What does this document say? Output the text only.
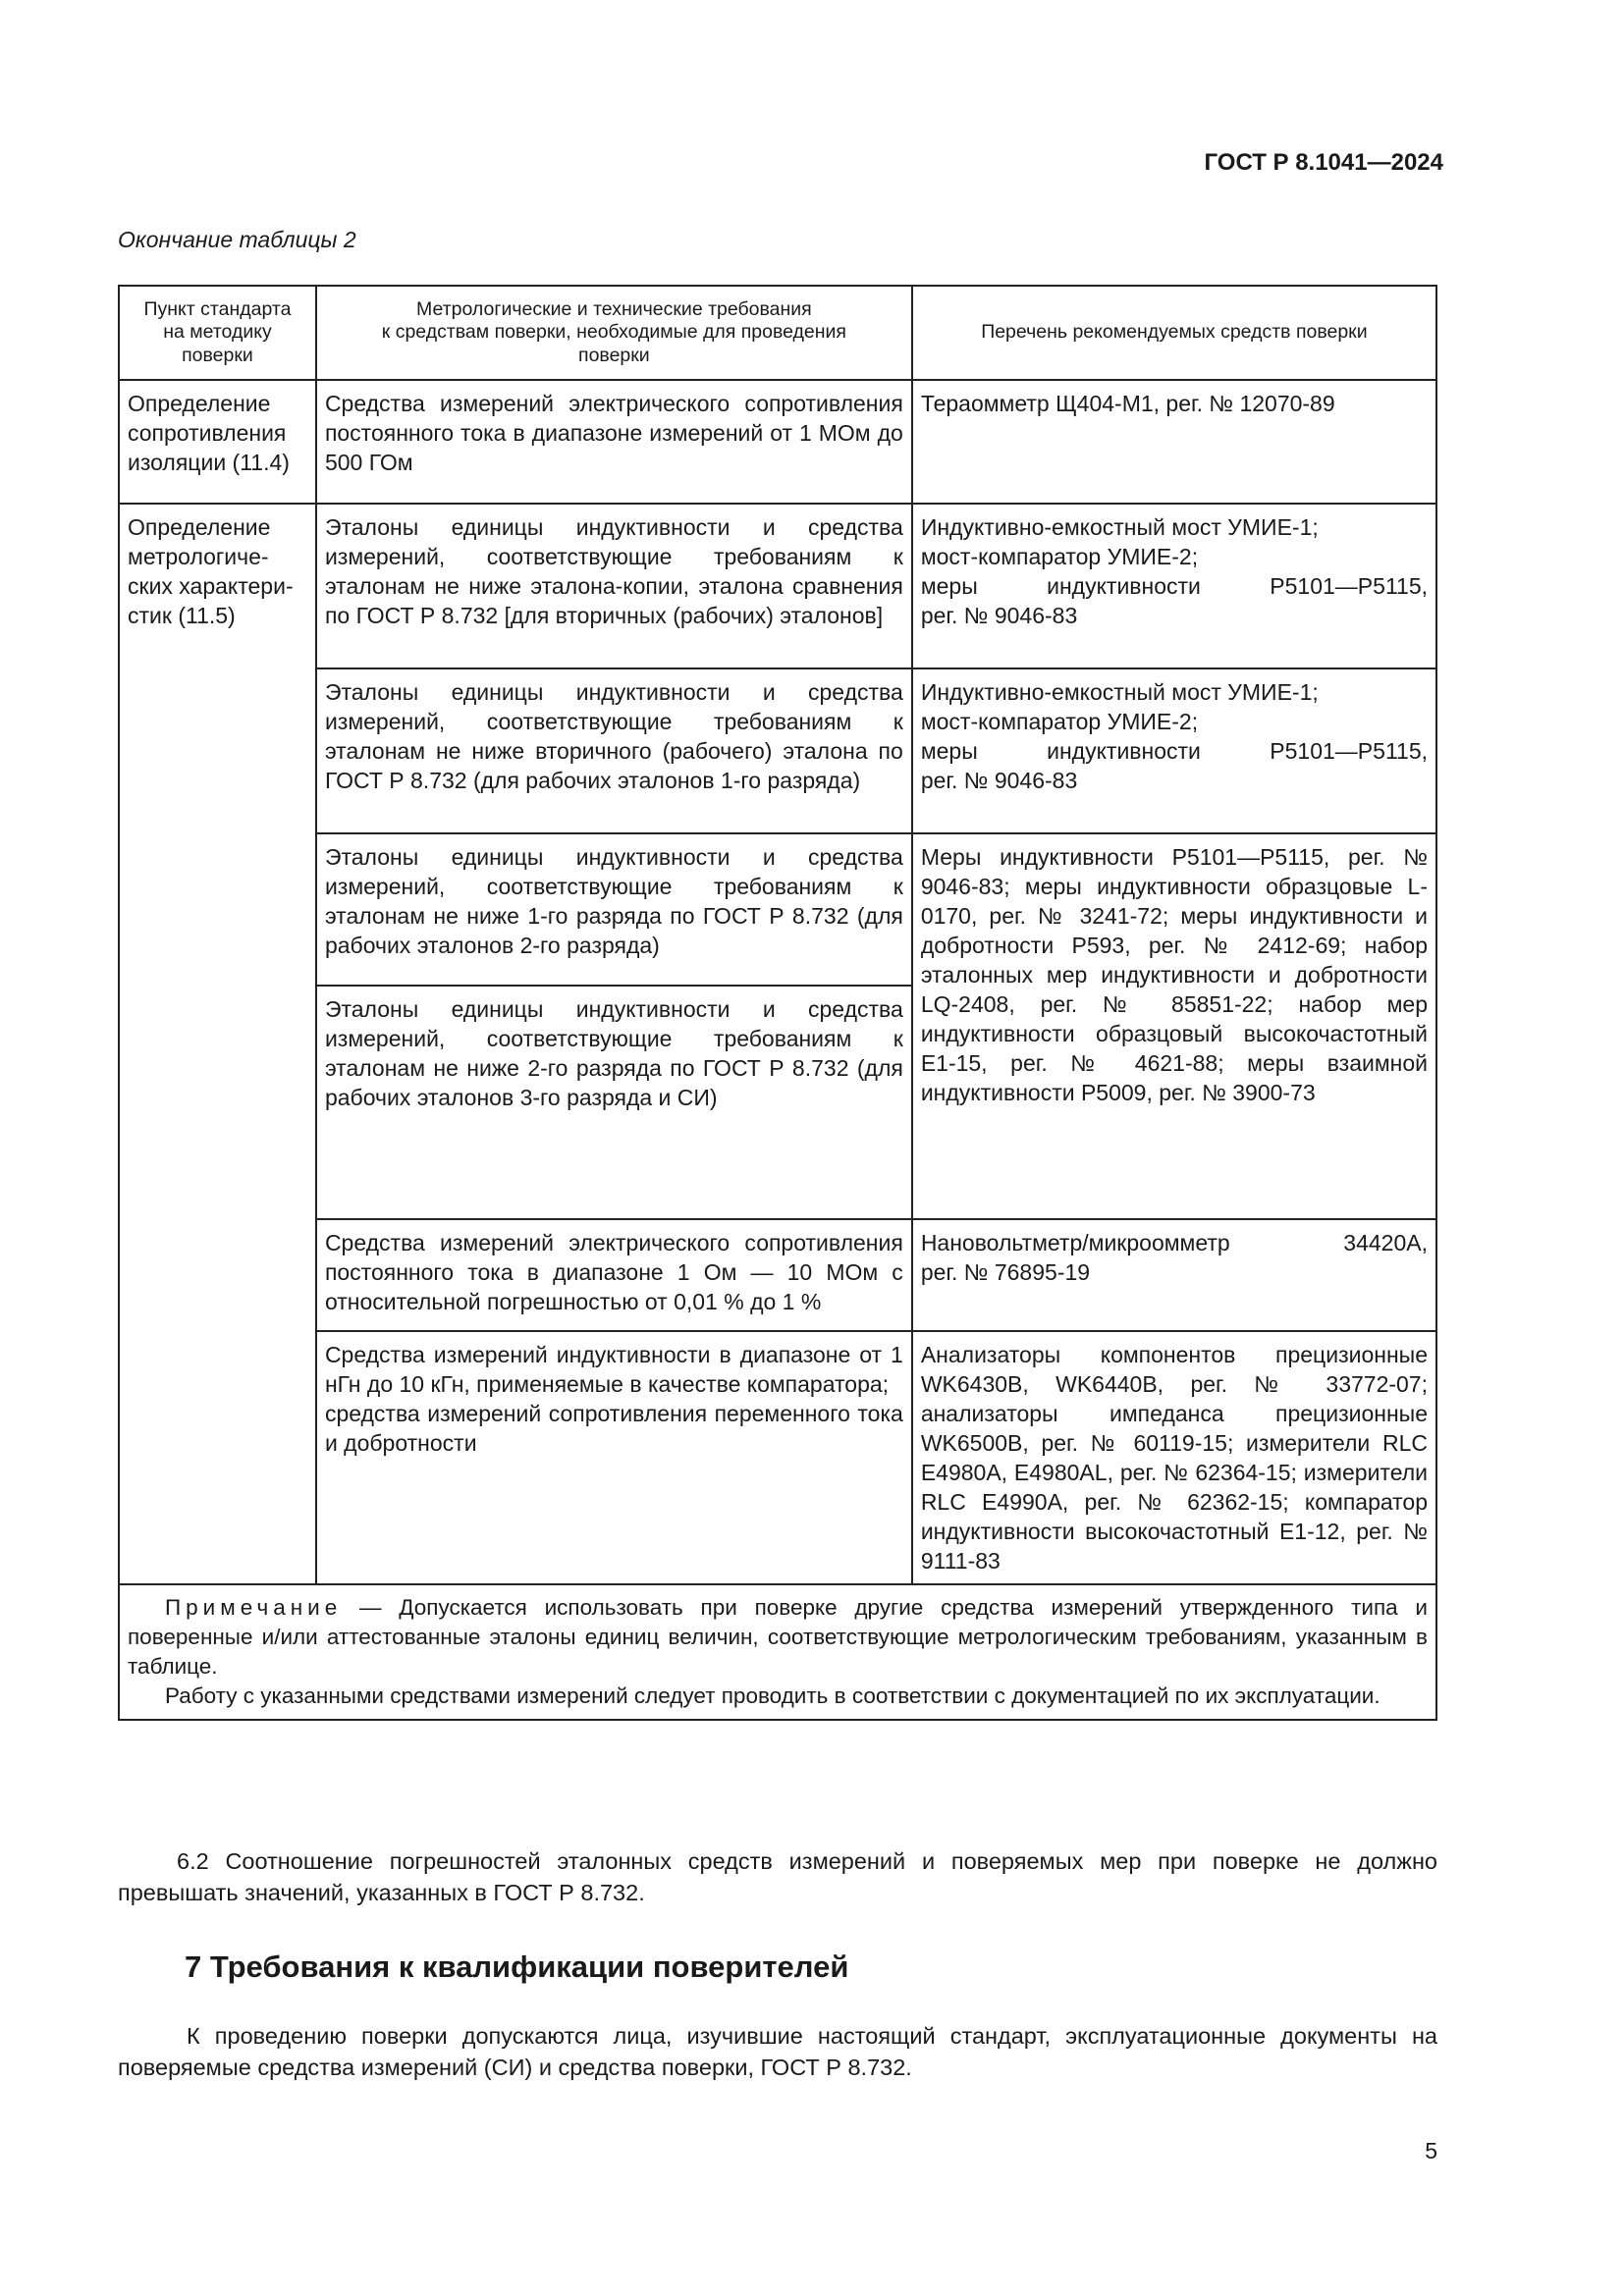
ГОСТ Р 8.1041—2024
Окончание таблицы 2
Пункт стандарта
на методику
поверки	Метрологические и технические требования
к средствам поверки, необходимые для проведения
поверки	Перечень рекомендуемых средств поверки
Определение
сопротивления
изоляции (11.4)	Средства измерений электрического сопротивления постоянного тока в диапазоне измерений от 1 МОм до 500 ГОм	Тераомметр Щ404-М1, рег. № 12070-89
Определение
метрологиче-
ских характери-
стик (11.5)	Эталоны единицы индуктивности и средства измерений, соответствующие требованиям к эталонам не ниже эталона-копии, эталона сравнения по ГОСТ Р 8.732 [для вторичных (рабочих) эталонов]	Индуктивно-емкостный мост УМИЕ-1;
мост-компаратор УМИЕ-2;
меры индуктивности Р5101—Р5115,
рег. № 9046-83

	Эталоны единицы индуктивности и средства измерений, соответствующие требованиям к эталонам не ниже вторичного (рабочего) эталона по ГОСТ Р 8.732 (для рабочих эталонов 1-го разряда)	Индуктивно-емкостный мост УМИЕ-1;
мост-компаратор УМИЕ-2;
меры индуктивности Р5101—Р5115,
рег. № 9046-83

	Эталоны единицы индуктивности и средства измерений, соответствующие требованиям к эталонам не ниже 1-го разряда по ГОСТ Р 8.732 (для рабочих эталонов 2-го разряда)	Меры индуктивности Р5101—Р5115, рег. № 9046-83; меры индуктивности образцовые L-0170, рег. № 3241-72; меры индуктивности и добротности Р593, рег. № 2412-69; набор эталонных мер индуктивности и добротности LQ-2408, рег. № 85851-22; набор мер индуктивности образцовый высокочастотный Е1-15, рег. № 4621-88; меры взаимной индуктивности Р5009, рег. № 3900-73
	Эталоны единицы индуктивности и средства измерений, соответствующие требованиям к эталонам не ниже 2-го разряда по ГОСТ Р 8.732 (для рабочих эталонов 3-го разряда и СИ)	
	Средства измерений электрического сопротивления постоянного тока в диапазоне 1 Ом — 10 МОм с относительной погрешностью от 0,01 % до 1 %	Нановольтметр/микроомметр 34420А,
рег. № 76895-19

	Средства измерений индуктивности в диапазоне от 1 нГн до 10 кГн, применяемые в качестве компаратора;
средства измерений сопротивления переменного тока и добротности	Анализаторы компонентов прецизионные WK6430B, WK6440B, рег. № 33772-07; анализаторы импеданса прецизионные WK6500B, рег. № 60119-15; измерители RLC E4980A, E4980AL, рег. № 62364-15; измерители RLC E4990A, рег. № 62362-15; компаратор индуктивности высокочастотный Е1-12, рег. № 9111-83

Примечание — Допускается использовать при поверке другие средства измерений утвержденного типа и поверенные и/или аттестованные эталоны единиц величин, соответствующие метрологическим требованиям, указанным в таблице.

Работу с указанными средствами измерений следует проводить в соответствии с документацией по их эксплуатации.		

6.2 Соотношение погрешностей эталонных средств измерений и поверяемых мер при поверке не должно превышать значений, указанных в ГОСТ Р 8.732.
7 Требования к квалификации поверителей
К проведению поверки допускаются лица, изучившие настоящий стандарт, эксплуатационные документы на поверяемые средства измерений (СИ) и средства поверки, ГОСТ Р 8.732.
5
